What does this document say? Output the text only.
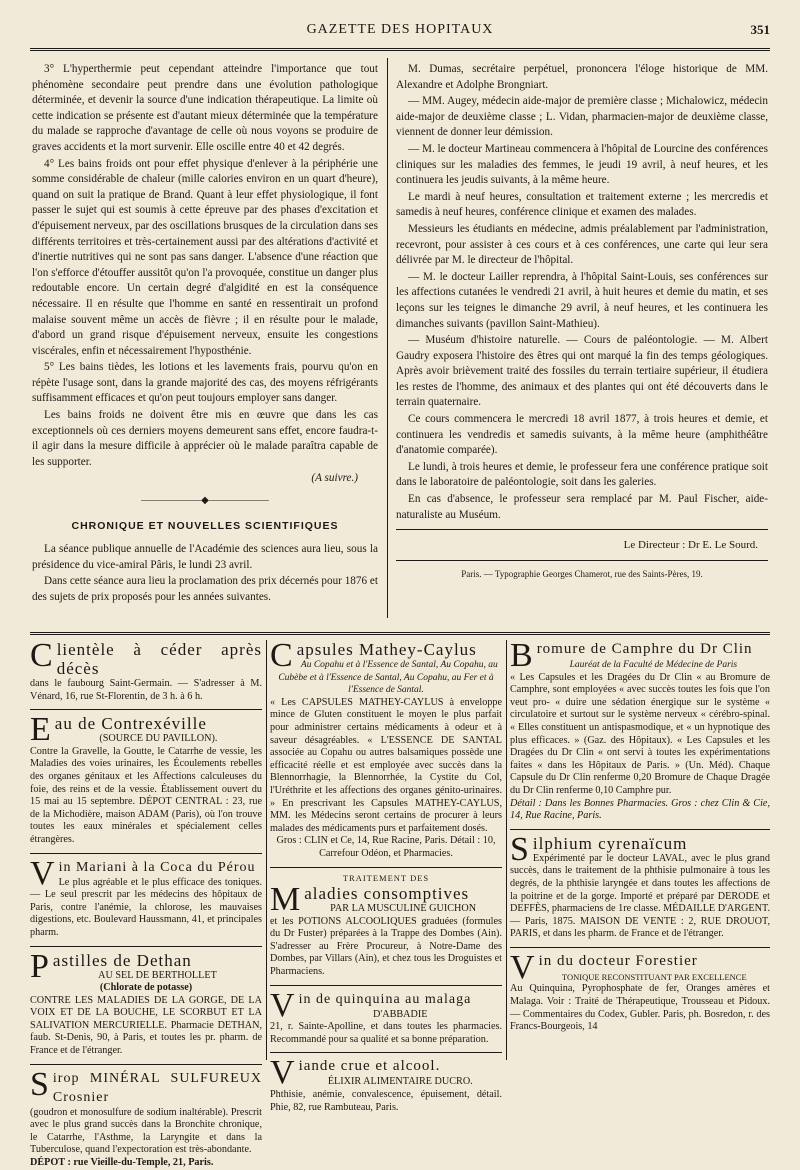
GAZETTE DES HOPITAUX	351

3° L'hyperthermie peut cependant atteindre l'importance que tout phénomène secondaire peut prendre dans une évolution pathologique déterminée, et devenir la source d'une indication thérapeutique. La limite où cette indication se présente est d'autant mieux déterminée que la température du malade se rapproche d'avantage de celle où nous voyons se produire de graves accidents et la mort survenir. Elle oscille entre 40 et 42 degrés.

4° Les bains froids ont pour effet physique d'enlever à la périphérie une somme considérable de chaleur (mille calories environ en un quart d'heure), quand on suit la pratique de Brand. Quant à leur effet physiologique, il font passer le sujet qui est soumis à cette épreuve par des phases d'excitation et d'épuisement nerveux, par des oscillations brusques de la circulation dans ses différents territoires et très-certainement aussi par des altérations d'activité et d'inertie nutritives qui ne sont pas sans danger. L'absence d'une réaction que l'on s'efforce d'étouffer aussitôt qu'on l'a provoquée, constitue un danger plus redoutable encore. Un certain degré d'algidité en est la conséquence nécessaire. Il en résulte que l'homme en santé en ressentirait un profond malaise souvent même un accès de fièvre ; il en résulte pour le malade, d'abord un grand risque d'épuisement nerveux, ensuite les congestions viscérales, enfin et nécessairement l'hyposthénie.

5° Les bains tièdes, les lotions et les lavements frais, pourvu qu'on en répète l'usage sont, dans la grande majorité des cas, des moyens réfrigérants suffisamment efficaces et qu'on peut toujours employer sans danger.

Les bains froids ne doivent être mis en œuvre que dans les cas exceptionnels où ces derniers moyens demeurent sans effet, encore faudra-t-il agir dans la mesure difficile à apprécier où le malade paraîtra capable de les supporter.

(A suivre.)
——————◆——————
CHRONIQUE ET NOUVELLES SCIENTIFIQUES

La séance publique annuelle de l'Académie des sciences aura lieu, sous la présidence du vice-amiral Pâris, le lundi 23 avril.

Dans cette séance aura lieu la proclamation des prix décernés pour 1876 et des sujets de prix proposés pour les années suivantes.

M. Dumas, secrétaire perpétuel, prononcera l'éloge historique de MM. Alexandre et Adolphe Brongniart.

— MM. Augey, médecin aide-major de première classe ; Michalowicz, médecin aide-major de deuxième classe ; L. Vidan, pharmacien-major de deuxième classe, viennent de donner leur démission.

— M. le docteur Martineau commencera à l'hôpital de Lourcine des conférences cliniques sur les maladies des femmes, le jeudi 19 avril, à neuf heures, et les continuera les jeudis suivants, à la même heure.

Le mardi à neuf heures, consultation et traitement externe ; les mercredis et samedis à neuf heures, conférence clinique et examen des malades.

Messieurs les étudiants en médecine, admis préalablement par l'administration, recevront, pour assister à ces cours et à ces conférences, une carte qui leur sera délivrée par M. le directeur de l'hôpital.

— M. le docteur Lailler reprendra, à l'hôpital Saint-Louis, ses conférences sur les affections cutanées le vendredi 21 avril, à huit heures et demie du matin, et ses leçons sur les teignes le dimanche 29 avril, à neuf heures, et les continuera les dimanches suivants (pavillon Saint-Mathieu).

— Muséum d'histoire naturelle. — Cours de paléontologie. — M. Albert Gaudry exposera l'histoire des êtres qui ont marqué la fin des temps géologiques. Après avoir brièvement traité des fossiles du terrain tertiaire supérieur, il étudiera les restes de l'homme, des animaux et des plantes qui ont été découverts dans le terrain quaternaire.

Ce cours commencera le mercredi 18 avril 1877, à trois heures et demie, et continuera les vendredis et samedis suivants, à la même heure (amphithéâtre d'anatomie comparée).

Le lundi, à trois heures et demie, le professeur fera une conférence pratique soit dans le laboratoire de paléontologie, soit dans les galeries.

En cas d'absence, le professeur sera remplacé par M. Paul Fischer, aide-naturaliste au Muséum.

Le Directeur : Dr E. Le Sourd.
Paris. — Typographie Georges Chamerot, rue des Saints-Pères, 19.
C lientèle à céder après décès

dans le faubourg Saint-Germain. — S'adresser à M. Vénard, 16, rue St-Florentin, de 3 h. à 6 h.

E au de Contrexéville
(SOURCE DU PAVILLON).

Contre la Gravelle, la Goutte, le Catarrhe de vessie, les Maladies des voies urinaires, les Écoulements rebelles des organes génitaux et les Affections calculeuses du foie, des reins et de la vessie. Établissement ouvert du 15 mai au 15 septembre. DÉPOT CENTRAL : 23, rue de la Michodière, maison ADAM (Paris), où l'on trouve toutes les eaux minérales et spécialement celles étrangères.

V in Mariani à la Coca du Pérou

Le plus agréable et le plus efficace des toniques. — Le seul prescrit par les médecins des hôpitaux de Paris, contre l'anémie, la chlorose, les mauvaises digestions, etc. Boulevard Haussmann, 41, et principales pharm.

P astilles de Dethan
AU SEL DE BERTHOLLET
(Chlorate de potasse)

CONTRE LES MALADIES DE LA GORGE, DE LA VOIX ET DE LA BOUCHE, LE SCORBUT ET LA SALIVATION MERCURIELLE. Pharmacie DETHAN, faub. St-Denis, 90, à Paris, et toutes les pr. pharm. de France et de l'étranger.

S irop MINÉRAL SULFUREUX Crosnier

(goudron et monosulfure de sodium inaltérable). Prescrit avec le plus grand succès dans la Bronchite chronique, le Catarrhe, l'Asthme, la Laryngite et dans la Tuberculose, quand l'expectoration est très-abondante.

DÉPOT : rue Vieille-du-Temple, 21, Paris.

C apsules Mathey-Caylus
Au Copahu et à l'Essence de Santal, Au Copahu, au Cubèbe et à l'Essence de Santal, Au Copahu, au Fer et à l'Essence de Santal.

« Les CAPSULES MATHEY-CAYLUS à enveloppe mince de Gluten constituent le moyen le plus parfait pour administrer certains médicaments à odeur et à saveur désagréables. « L'ESSENCE DE SANTAL associée au Copahu ou autres balsamiques possède une efficacité réelle et est employée avec succès dans la Blennorrhagie, la Blennorrhée, la Cystite du Col, l'Uréthrite et les affections des organes génito-urinaires. » En prescrivant les Capsules MATHEY-CAYLUS, MM. les Médecins seront certains de procurer à leurs malades des médicaments purs et parfaitement dosés.

Gros : CLIN et Ce, 14, Rue Racine, Paris. Détail : 10, Carrefour Odéon, et Pharmacies.

TRAITEMENT DES
M aladies consomptives
PAR LA MUSCULINE GUICHON

et les POTIONS ALCOOLIQUES graduées (formules du Dr Fuster) préparées à la Trappe des Dombes (Ain). S'adresser au Frère Procureur, à Notre-Dame des Dombes, par Villars (Ain), et chez tous les Droguistes et Pharmaciens.

V in de quinquina au malaga
D'ABBADIE

21, r. Sainte-Apolline, et dans toutes les pharmacies. Recommandé pour sa qualité et sa bonne préparation.

V iande crue et alcool.
ÉLIXIR ALIMENTAIRE DUCRO.

Phthisie, anémie, convalescence, épuisement, détail. Phie, 82, rue Rambuteau, Paris.

B romure de Camphre du Dr Clin
Lauréat de la Faculté de Médecine de Paris

« Les Capsules et les Dragées du Dr Clin « au Bromure de Camphre, sont employées « avec succès toutes les fois que l'on veut pro- « duire une sédation énergique sur le système « circulatoire et surtout sur le système nerveux « cérébro-spinal. « Elles constituent un antispasmodique, et « un hypnotique des plus efficaces. » (Gaz. des Hôpitaux). « Les Capsules et les Dragées du Dr Clin « ont servi à toutes les expérimentations faites « dans les Hôpitaux de Paris. » (Un. Méd). Chaque Capsule du Dr Clin renferme 0,20 Bromure de Chaque Dragée du Dr Clin renferme 0,10 Camphre pur.

Détail : Dans les Bonnes Pharmacies. Gros : chez Clin & Cie, 14, Rue Racine, Paris.

S ilphium cyrenaïcum

Expérimenté par le docteur LAVAL, avec le plus grand succès, dans le traitement de la phthisie pulmonaire à tous les degrés, de la phthisie laryngée et dans toutes les affections de la poitrine et de la gorge. Importé et préparé par DERODE et DEFFÈS, pharmaciens de 1re classe. MÉDAILLE D'ARGENT. — Paris, 1875. MAISON DE VENTE : 2, RUE DROUOT, PARIS, et dans les pharm. de France et de l'étranger.

V in du docteur Forestier
TONIQUE RECONSTITUANT PAR EXCELLENCE

Au Quinquina, Pyrophosphate de fer, Oranges amères et Malaga. Voir : Traité de Thérapeutique, Trousseau et Pidoux. — Commentaires du Codex, Gubler. Paris, ph. Bosredon, r. des Francs-Bourgeois, 14
